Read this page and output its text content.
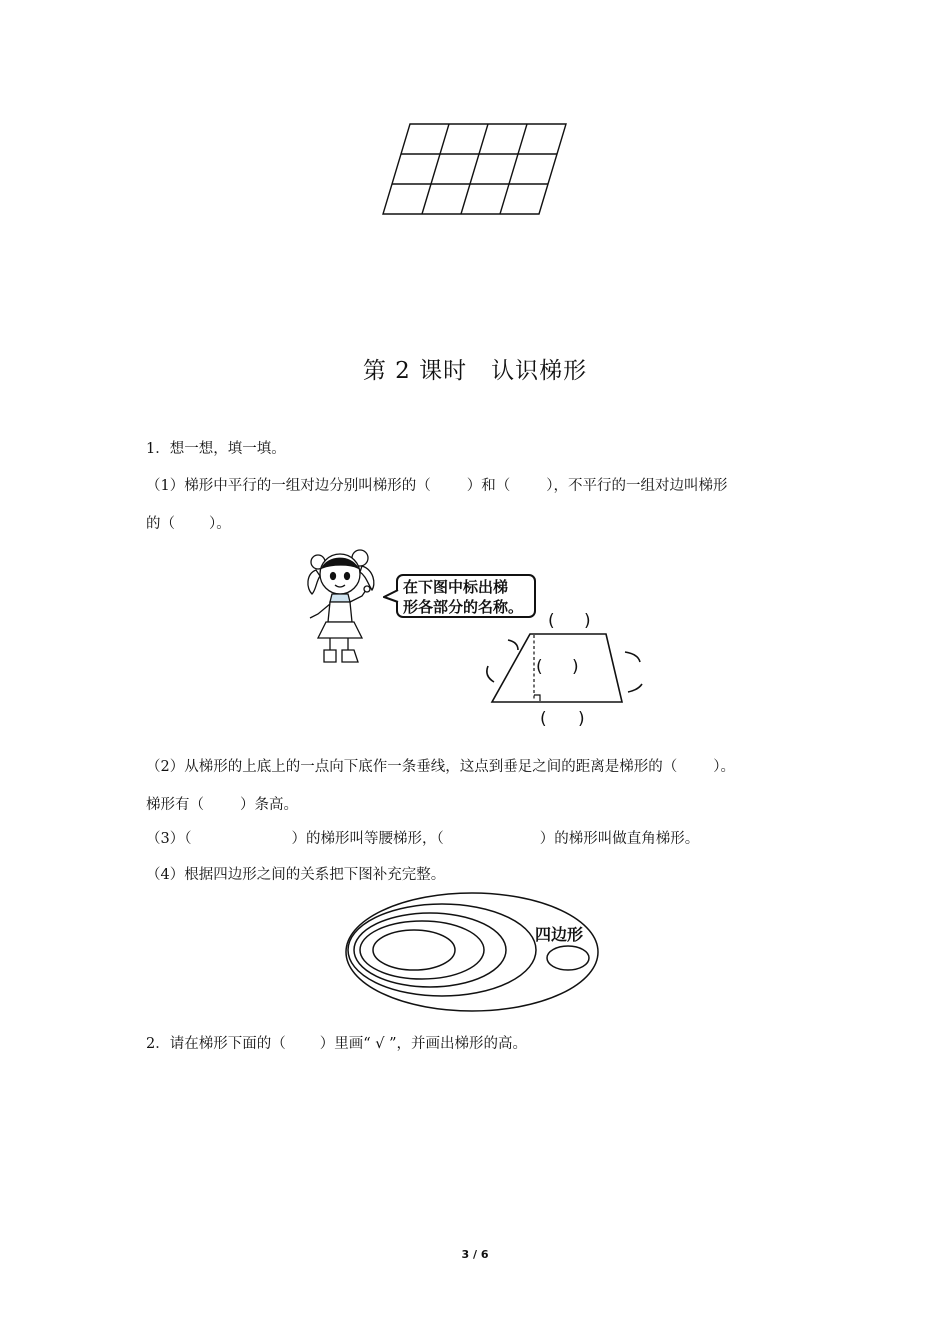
第 2 课时　认识梯形
1．想一想，填一填。
（1）梯形中平行的一组对边分别叫梯形的（ ）和（ ），不平行的一组对边叫梯形
的（ ）。
在下图中标出梯
形各部分的名称。
( )
( )
( )
（2）从梯形的上底上的一点向下底作一条垂线，这点到垂足之间的距离是梯形的（ ）。
梯形有（ ）条高。
（3）（	）的梯形叫等腰梯形，（	）的梯形叫做直角梯形。
（4）根据四边形之间的关系把下图补充完整。
四边形
2．请在梯形下面的（ ）里画“ √ ”，并画出梯形的高。
3 / 6
